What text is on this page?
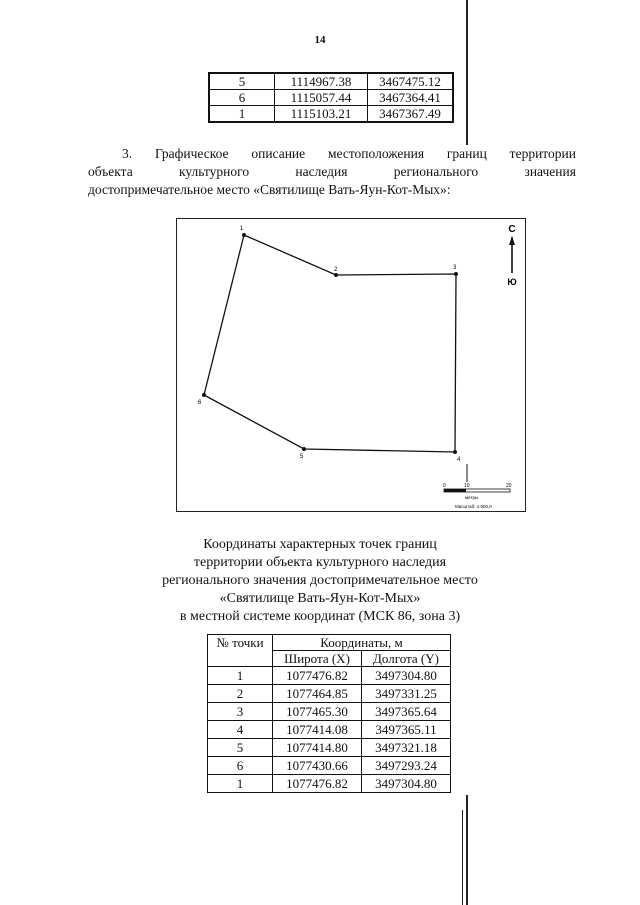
14
5	1114967.38	3467475.12
6	1115057.44	3467364.41
1	1115103.21	3467367.49
3. Графическое описание местоположения границ территории
объекта	культурного	наследия	регионального	значения
достопримечательное место «Святилище Вать-Яун-Кот-Мых»:
1
2	3
4
5
6
С
Ю
0	10	20
метры
Масштаб: 1:500,0
Координаты характерных точек границ
территории объекта культурного наследия
регионального значения достопримечательное место
«Святилище Вать-Яун-Кот-Мых»
в местной системе координат (МСК 86, зона 3)
№ точки	Координаты, м	
	Широта (X)	Долгота (Y)
1	1077476.82	3497304.80
2	1077464.85	3497331.25
3	1077465.30	3497365.64
4	1077414.08	3497365.11
5	1077414.80	3497321.18
6	1077430.66	3497293.24
1	1077476.82	3497304.80
